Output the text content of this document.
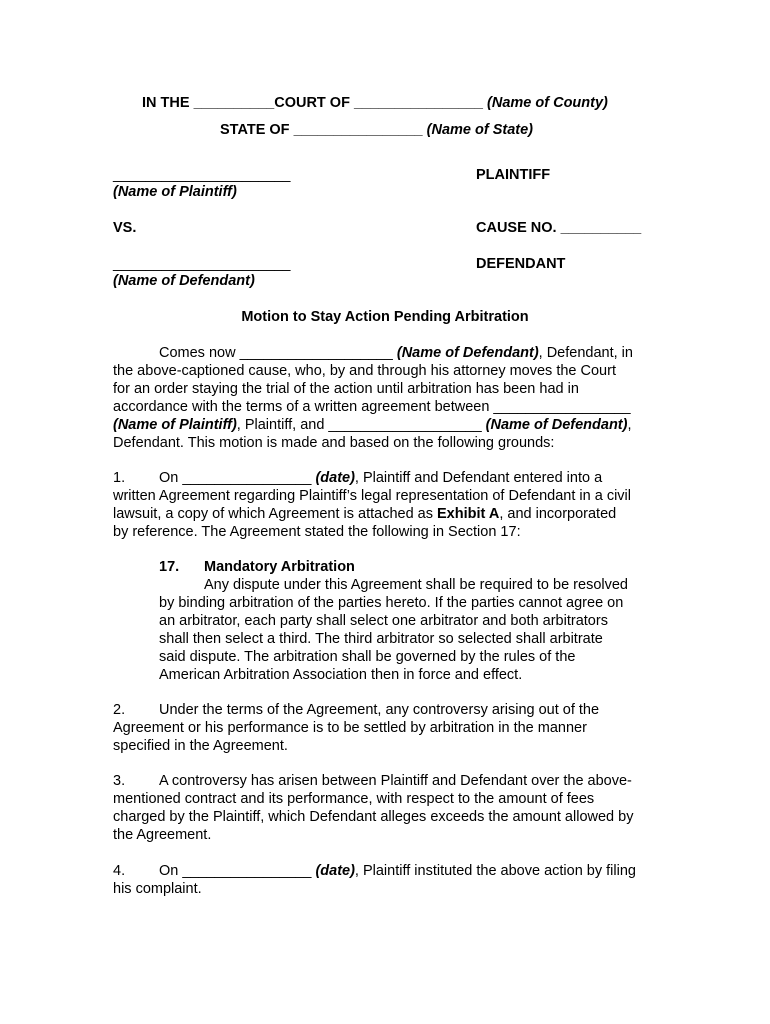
IN THE __________COURT OF ________________ (Name of County)
STATE OF ________________ (Name of State)
______________________
(Name of Plaintiff)
PLAINTIFF
VS.	CAUSE NO. __________
______________________
(Name of Defendant)
DEFENDANT
Motion to Stay Action Pending Arbitration
Comes now ___________________ (Name of Defendant), Defendant, in
the above-captioned cause, who, by and through his attorney moves the Court
for an order staying the trial of the action until arbitration has been had in
accordance with the terms of a written agreement between _________________
(Name of Plaintiff), Plaintiff, and ___________________ (Name of Defendant),
Defendant. This motion is made and based on the following grounds:
1. On ________________ (date), Plaintiff and Defendant entered into a
written Agreement regarding Plaintiff’s legal representation of Defendant in a civil
lawsuit, a copy of which Agreement is attached as Exhibit A, and incorporated
by reference. The Agreement stated the following in Section 17:
17. Mandatory Arbitration
Any dispute under this Agreement shall be required to be resolved
by binding arbitration of the parties hereto. If the parties cannot agree on
an arbitrator, each party shall select one arbitrator and both arbitrators
shall then select a third. The third arbitrator so selected shall arbitrate
said dispute. The arbitration shall be governed by the rules of the
American Arbitration Association then in force and effect.
2. Under the terms of the Agreement, any controversy arising out of the
Agreement or his performance is to be settled by arbitration in the manner
specified in the Agreement.
3. A controversy has arisen between Plaintiff and Defendant over the above-
mentioned contract and its performance, with respect to the amount of fees
charged by the Plaintiff, which Defendant alleges exceeds the amount allowed by
the Agreement.
4. On ________________ (date), Plaintiff instituted the above action by filing
his complaint.
